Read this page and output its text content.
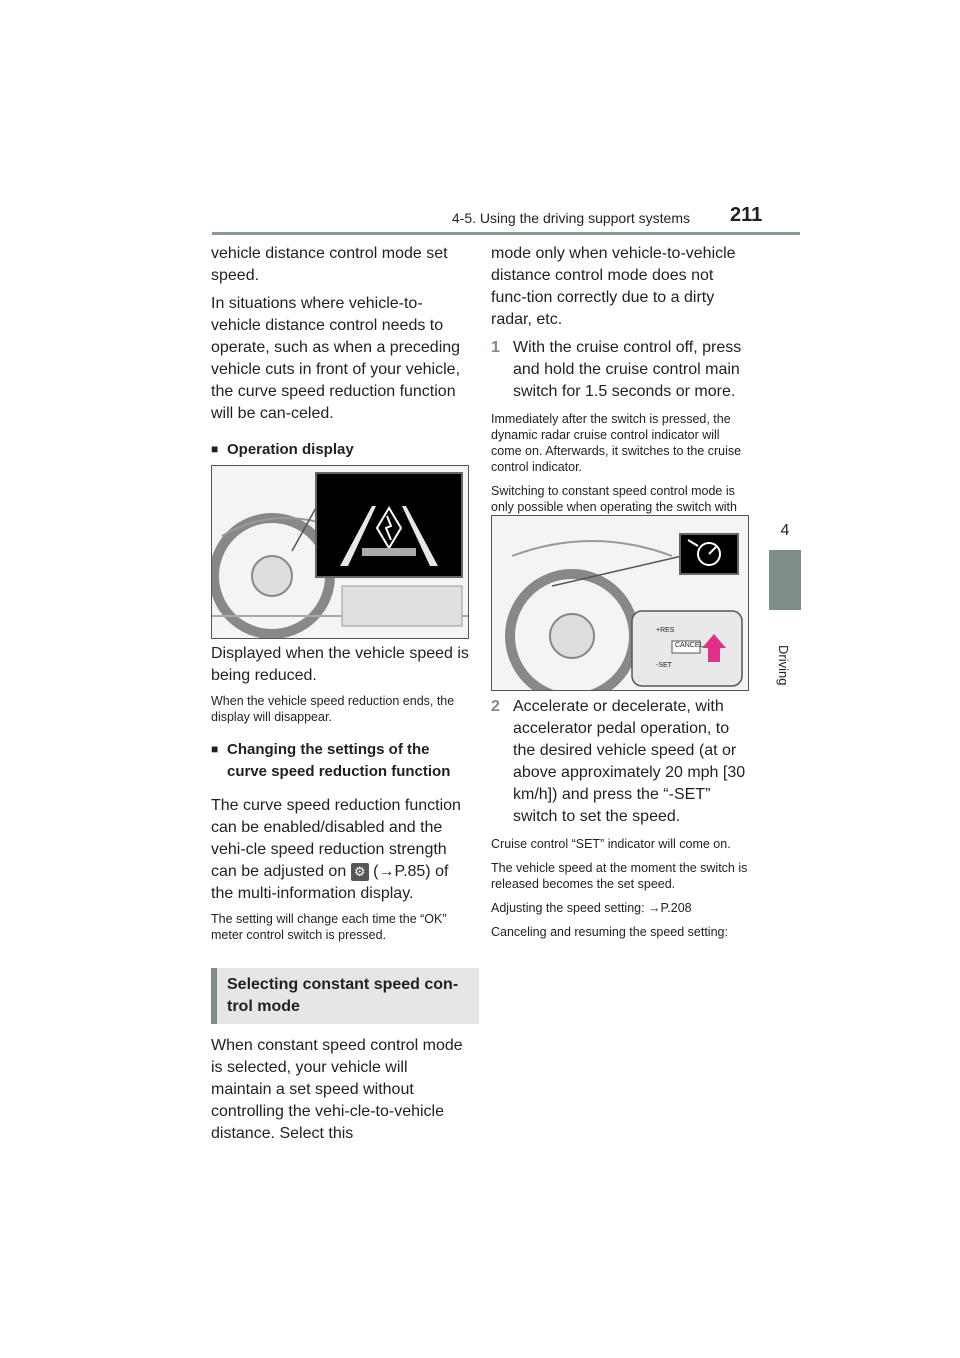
4-5. Using the driving support systems 211
4
Driving

vehicle distance control mode set speed.

In situations where vehicle-to-vehicle distance control needs to operate, such as when a preceding vehicle cuts in front of your vehicle, the curve speed reduction function will be can-celed.

■ Operation display

Displayed when the vehicle speed is being reduced.

When the vehicle speed reduction ends, the display will disappear.

■ Changing the settings of the curve speed reduction function

The curve speed reduction function can be enabled/disabled and the vehi-cle speed reduction strength can be adjusted on ⚙ (→P.85) of the multi-information display.

The setting will change each time the “OK” meter control switch is pressed.

Selecting constant speed con-trol mode

When constant speed control mode is selected, your vehicle will maintain a set speed without controlling the vehi-cle-to-vehicle distance. Select this

mode only when vehicle-to-vehicle distance control mode does not func-tion correctly due to a dirty radar, etc.

1 With the cruise control off, press and hold the cruise control main switch for 1.5 seconds or more.

Immediately after the switch is pressed, the dynamic radar cruise control indicator will come on. Afterwards, it switches to the cruise control indicator.

Switching to constant speed control mode is only possible when operating the switch with

+RES
CANCEL
-SET
2 Accelerate or decelerate, with accelerator pedal operation, to the desired vehicle speed (at or above approximately 20 mph [30 km/h]) and press the “-SET” switch to set the speed.

Cruise control “SET” indicator will come on.

The vehicle speed at the moment the switch is released becomes the set speed.

Adjusting the speed setting: →P.208

Canceling and resuming the speed setting:
